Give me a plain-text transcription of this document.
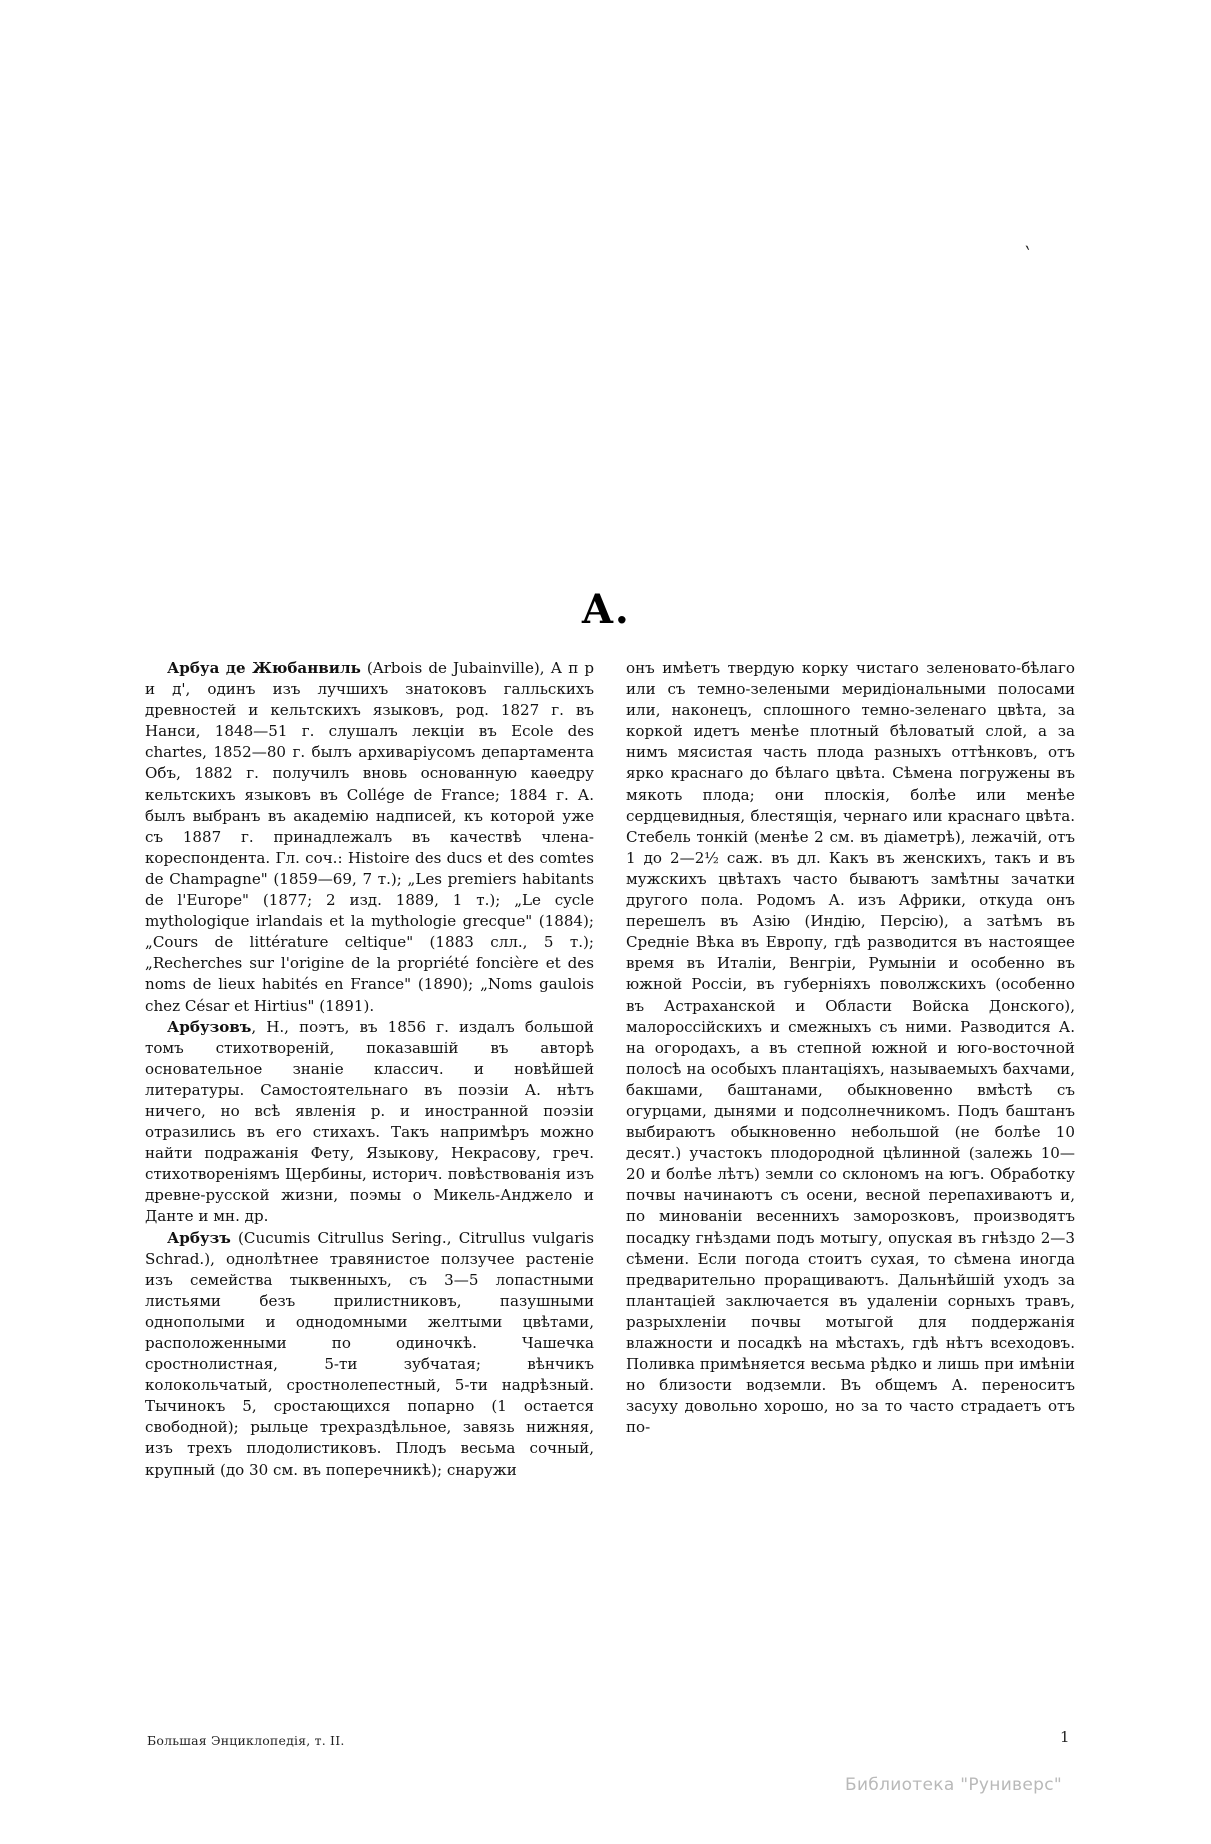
`
А.

Арбуа де Жюбанвиль (Arbois de Jubainville), А п р и д', одинъ изъ лучшихъ знатоковъ галльскихъ древностей и кельтскихъ языковъ, род. 1827 г. въ Нанси, 1848—51 г. слушалъ лекціи въ Ecole des chartes, 1852—80 г. былъ архиваріусомъ департамента Объ, 1882 г. получилъ вновь основанную каѳедру кельтскихъ языковъ въ Collége de France; 1884 г. А. былъ выбранъ въ академію надписей, къ которой уже съ 1887 г. принадлежалъ въ качествѣ члена-кореспондента. Гл. соч.: Histoire des ducs et des comtes de Champagne" (1859—69, 7 т.); „Les premiers habitants de l'Europe" (1877; 2 изд. 1889, 1 т.); „Le cycle mythologique irlandais et la mythologie grecque" (1884); „Cours de littérature celtique" (1883 слл., 5 т.); „Recherches sur l'origine de la propriété foncière et des noms de lieux habités en France" (1890); „Noms gaulois chez César et Hirtius" (1891).

Арбузовъ, Н., поэтъ, въ 1856 г. издалъ большой томъ стихотвореній, показавшій въ авторѣ основательное знаніе классич. и новѣйшей литературы. Самостоятельнаго въ поэзіи А. нѣтъ ничего, но всѣ явленія р. и иностранной поэзіи отразились въ его стихахъ. Такъ напримѣръ можно найти подражанія Фету, Языкову, Некрасову, греч. стихотвореніямъ Щербины, историч. повѣствованія изъ древне-русской жизни, поэмы о Микель-Анджело и Данте и мн. др.

Арбузъ (Cucumis Citrullus Sering., Citrullus vulgaris Schrad.), однолѣтнее травянистое ползучее растеніе изъ семейства тыквенныхъ, съ 3—5 лопастными листьями безъ прилистниковъ, пазушными однополыми и однодомными желтыми цвѣтами, расположенными по одиночкѣ. Чашечка сростнолистная, 5-ти зубчатая; вѣнчикъ колокольчатый, сростнолепестный, 5-ти надрѣзный. Тычинокъ 5, сростающихся попарно (1 остается свободной); рыльце трехраздѣльное, завязь нижняя, изъ трехъ плодолистиковъ. Плодъ весьма сочный, крупный (до 30 см. въ поперечникѣ); снаружи

онъ имѣетъ твердую корку чистаго зеленовато-бѣлаго или съ темно-зелеными меридіональными полосами или, наконецъ, сплошного темно-зеленаго цвѣта, за коркой идетъ менѣе плотный бѣловатый слой, а за нимъ мясистая часть плода разныхъ оттѣнковъ, отъ ярко краснаго до бѣлаго цвѣта. Сѣмена погружены въ мякоть плода; они плоскія, болѣе или менѣе сердцевидныя, блестящія, чернаго или краснаго цвѣта. Стебель тонкій (менѣе 2 см. въ діаметрѣ), лежачій, отъ 1 до 2—2½ саж. въ дл. Какъ въ женскихъ, такъ и въ мужскихъ цвѣтахъ часто бываютъ замѣтны зачатки другого пола. Родомъ А. изъ Африки, откуда онъ перешелъ въ Азію (Индію, Персію), а затѣмъ въ Средніе Вѣка въ Европу, гдѣ разводится въ настоящее время въ Италіи, Венгріи, Румыніи и особенно въ южной Россіи, въ губерніяхъ поволжскихъ (особенно въ Астраханской и Области Войска Донского), малороссійскихъ и смежныхъ съ ними. Разводится А. на огородахъ, а въ степной южной и юго-восточной полосѣ на особыхъ плантаціяхъ, называемыхъ бахчами, бакшами, баштанами, обыкновенно вмѣстѣ съ огурцами, дынями и подсолнечникомъ. Подъ баштанъ выбираютъ обыкновенно небольшой (не болѣе 10 десят.) участокъ плодородной цѣлинной (залежь 10—20 и болѣе лѣтъ) земли со склономъ на югъ. Обработку почвы начинаютъ съ осени, весной перепахиваютъ и, по минованіи весеннихъ заморозковъ, производятъ посадку гнѣздами подъ мотыгу, опуская въ гнѣздо 2—3 сѣмени. Если погода стоитъ сухая, то сѣмена иногда предварительно проращиваютъ. Дальнѣйшій уходъ за плантаціей заключается въ удаленіи сорныхъ травъ, разрыхленіи почвы мотыгой для поддержанія влажности и посадкѣ на мѣстахъ, гдѣ нѣтъ всеходовъ. Поливка примѣняется весьма рѣдко и лишь при имѣніи но близости водземли. Въ общемъ А. переноситъ засуху довольно хорошо, но за то часто страдаетъ отъ по-

Большая Энциклопедія, т. II.	1
Библиотека "Руниверс"
